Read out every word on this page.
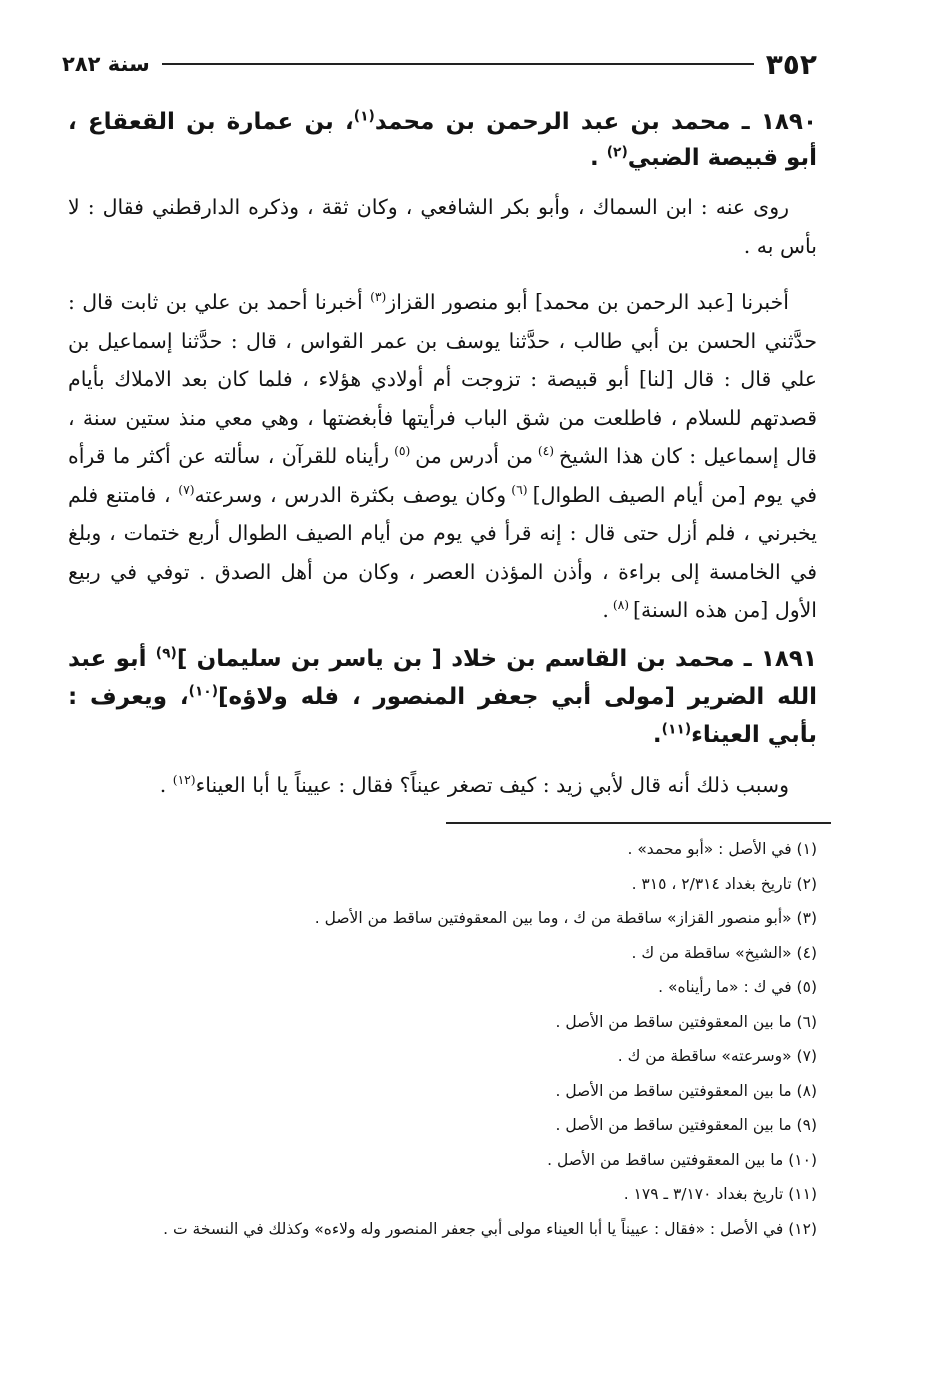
٣٥٢
سنة ٢٨٢

١٨٩٠ ـ محمد بن عبد الرحمن بن محمد$^{(١)}$، بن عمارة بن القعقاع ، أبو قبيصة الضبي$^{(٢)}$ .

روى عنه : ابن السماك ، وأبو بكر الشافعي ، وكان ثقة ، وذكره الدارقطني فقال : لا بأس به .

أخبرنا [عبد الرحمن بن محمد] أبو منصور القزاز$^{(٣)}$ أخبرنا أحمد بن علي بن ثابت قال : حدَّثني الحسن بن أبي طالب ، حدَّثنا يوسف بن عمر القواس ، قال : حدَّثنا إسماعيل بن علي قال : قال [لنا] أبو قبيصة : تزوجت أم أولادي هؤلاء ، فلما كان بعد الاملاك بأيام قصدتهم للسلام ، فاطلعت من شق الباب فرأيتها فأبغضتها ، وهي معي منذ ستين سنة ، قال إسماعيل : كان هذا الشيخ $^{(٤)}$ من أدرس من $^{(٥)}$ رأيناه للقرآن ، سألته عن أكثر ما قرأه في يوم [من أيام الصيف الطوال] $^{(٦)}$ وكان يوصف بكثرة الدرس ، وسرعته$^{(٧)}$ ، فامتنع فلم يخبرني ، فلم أزل حتى قال : إنه قرأ في يوم من أيام الصيف الطوال أربع ختمات ، وبلغ في الخامسة إلى براءة ، وأذن المؤذن العصر ، وكان من أهل الصدق . توفي في ربيع الأول [من هذه السنة] $^{(٨)}$ .

١٨٩١ ـ محمد بن القاسم بن خلاد [ بن ياسر بن سليمان ]$^{(٩)}$ أبو عبد الله الضرير [مولى أبي جعفر المنصور ، فله ولاؤه]$^{(١٠)}$، ويعرف : بأبي العيناء$^{(١١)}$.

وسبب ذلك أنه قال لأبي زيد : كيف تصغر عيناً؟ فقال : عييناً يا أبا العيناء$^{(١٢)}$ .

(١) في الأصل : «أبو محمد» .
(٢) تاريخ بغداد ٢/٣١٤ ، ٣١٥ .
(٣) «أبو منصور القزاز» ساقطة من ك ، وما بين المعقوفتين ساقط من الأصل .
(٤) «الشيخ» ساقطة من ك .
(٥) في ك : «ما رأيناه» .
(٦) ما بين المعقوفتين ساقط من الأصل .
(٧) «وسرعته» ساقطة من ك .
(٨) ما بين المعقوفتين ساقط من الأصل .
(٩) ما بين المعقوفتين ساقط من الأصل .
(١٠) ما بين المعقوفتين ساقط من الأصل .
(١١) تاريخ بغداد ٣/١٧٠ ـ ١٧٩ .
(١٢) في الأصل : «فقال : عييناً يا أبا العيناء مولى أبي جعفر المنصور وله ولاءه» وكذلك في النسخة ت .
